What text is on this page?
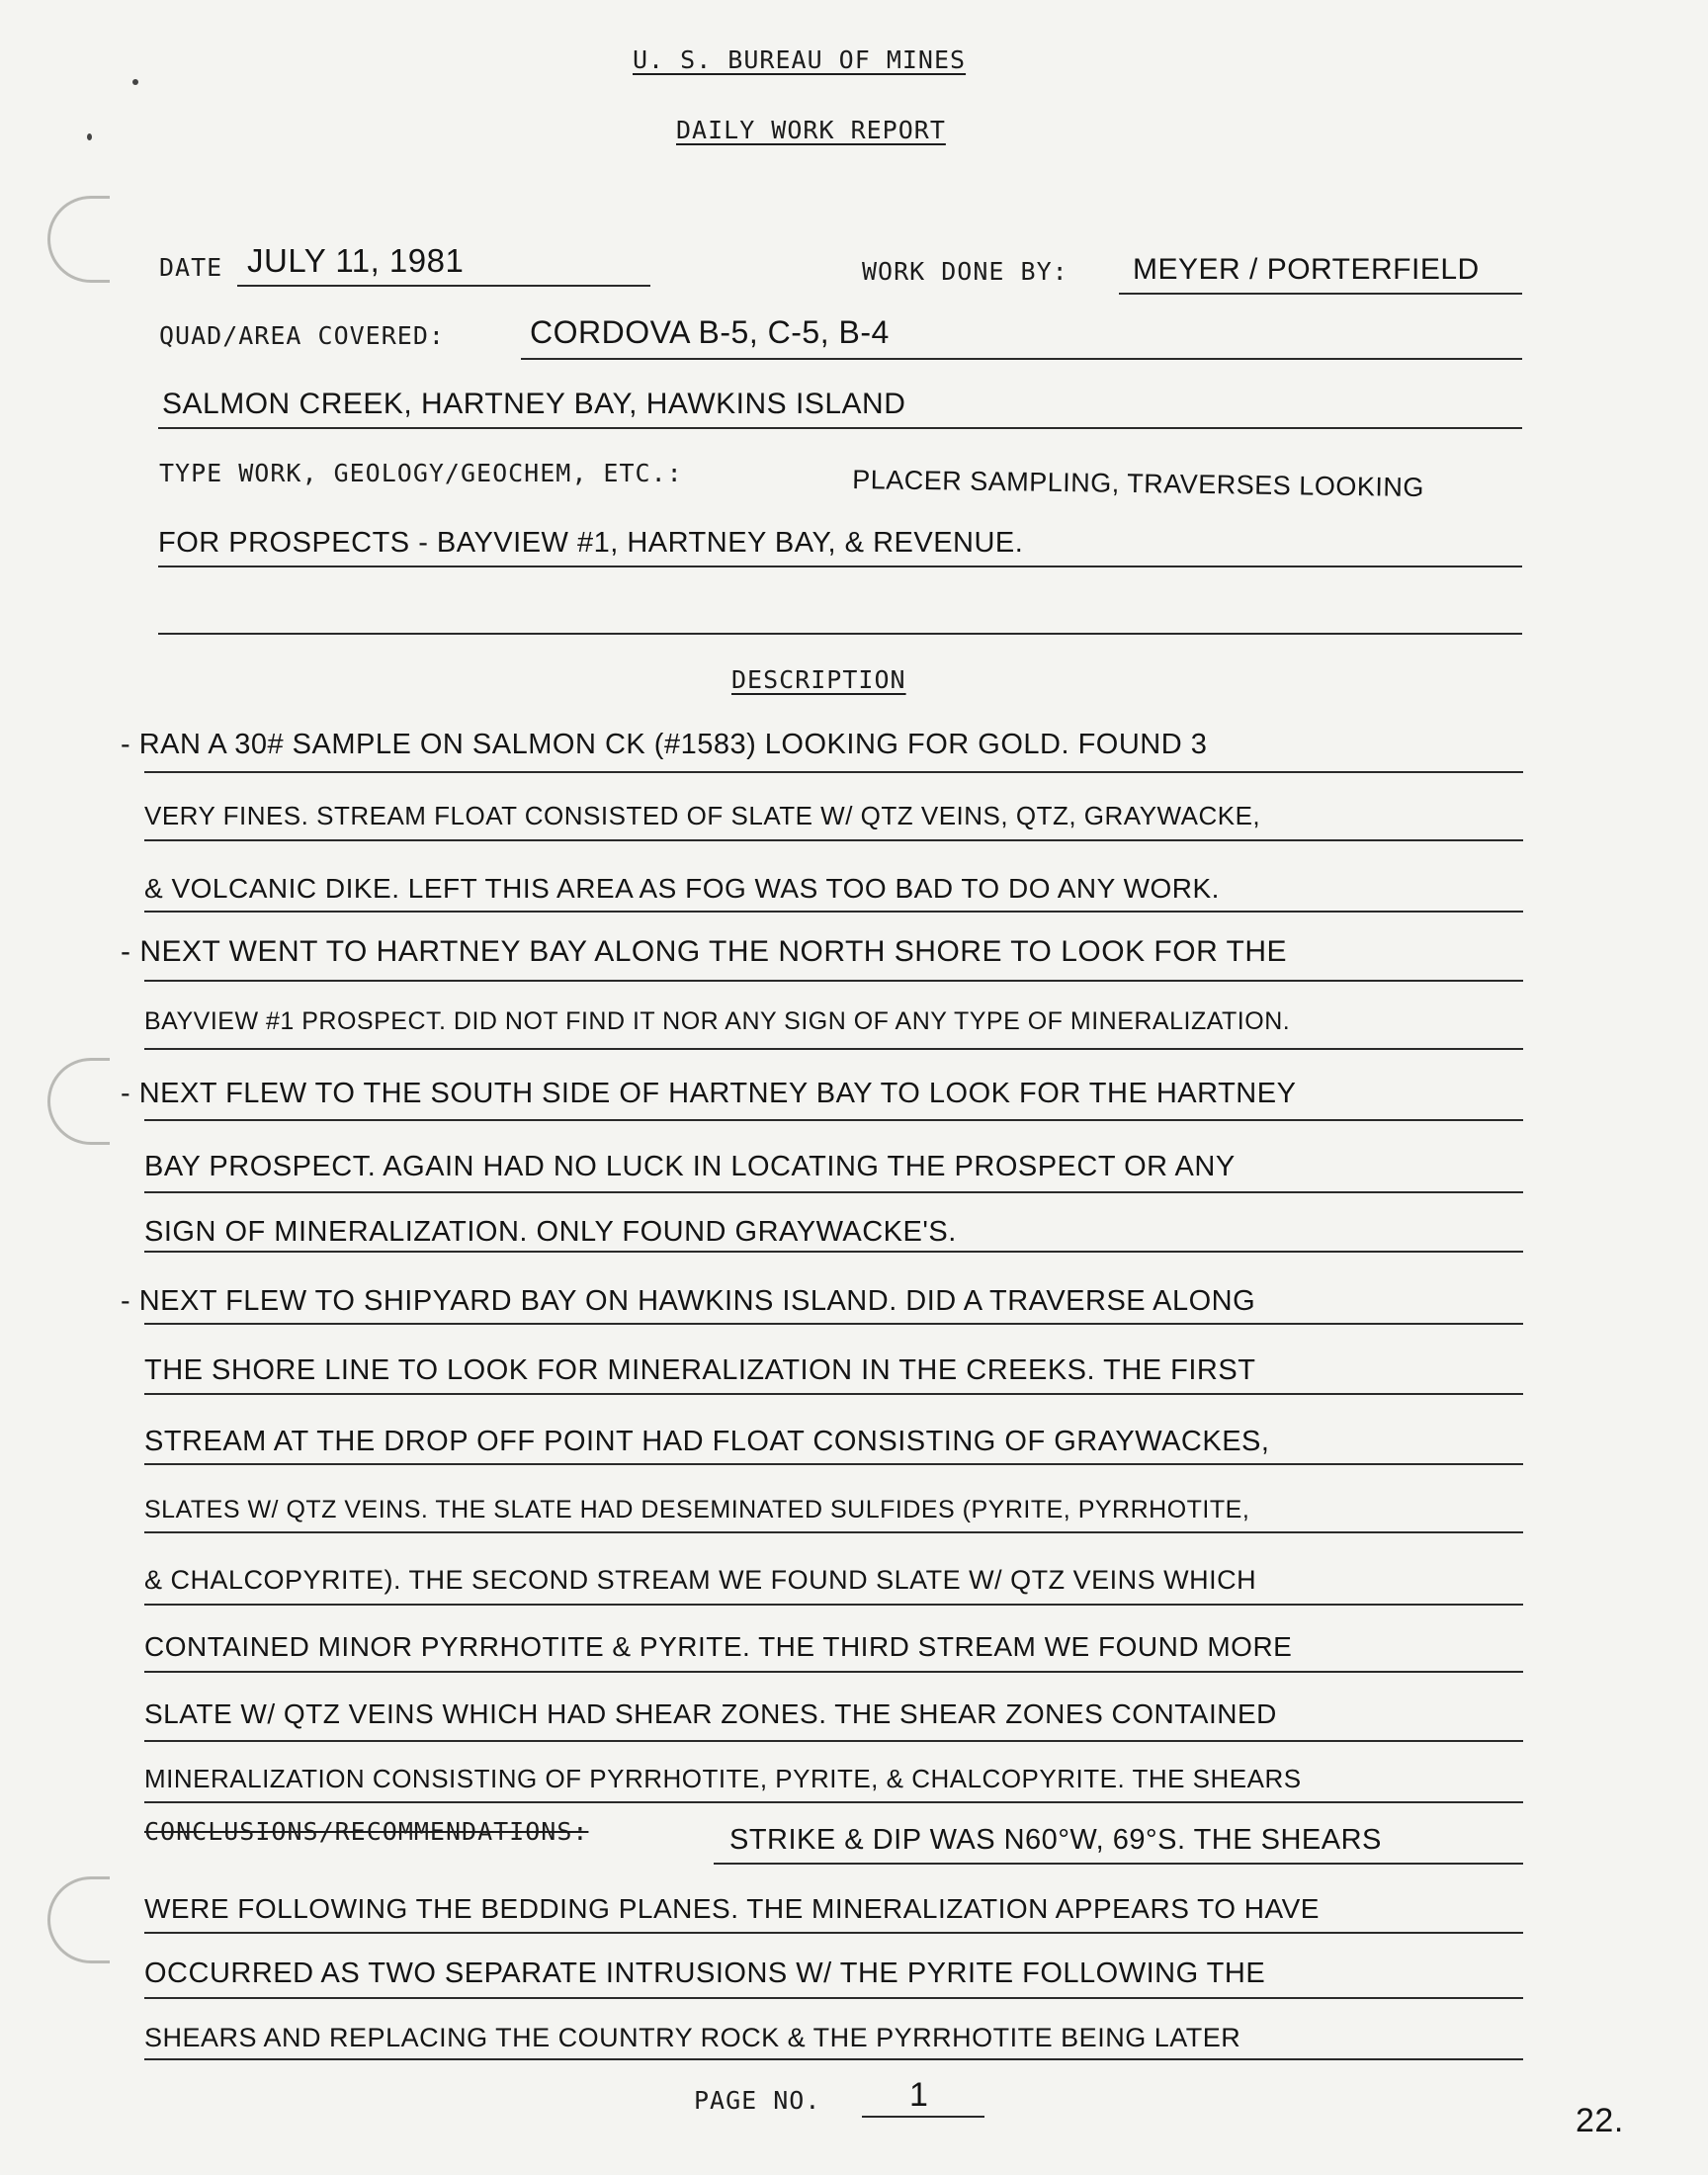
U. S. BUREAU OF MINES
DAILY WORK REPORT
DATE JULY 11, 1981	WORK DONE BY: MEYER / PORTERFIELD
QUAD/AREA COVERED:	CORDOVA B-5, C-5, B-4
SALMON CREEK, HARTNEY BAY, HAWKINS ISLAND
TYPE WORK, GEOLOGY/GEOCHEM, ETC.:	PLACER SAMPLING, TRAVERSES LOOKING
FOR PROSPECTS - BAYVIEW #1, HARTNEY BAY, & REVENUE.
DESCRIPTION
- RAN A 30# SAMPLE ON SALMON CK (#1583) LOOKING FOR GOLD. FOUND 3
VERY FINES. STREAM FLOAT CONSISTED OF SLATE W/ QTZ VEINS, QTZ, GRAYWACKE,
& VOLCANIC DIKE. LEFT THIS AREA AS FOG WAS TOO BAD TO DO ANY WORK.
- NEXT WENT TO HARTNEY BAY ALONG THE NORTH SHORE TO LOOK FOR THE
BAYVIEW #1 PROSPECT. DID NOT FIND IT NOR ANY SIGN OF ANY TYPE OF MINERALIZATION.
- NEXT FLEW TO THE SOUTH SIDE OF HARTNEY BAY TO LOOK FOR THE HARTNEY
BAY PROSPECT. AGAIN HAD NO LUCK IN LOCATING THE PROSPECT OR ANY
SIGN OF MINERALIZATION. ONLY FOUND GRAYWACKE'S.
- NEXT FLEW TO SHIPYARD BAY ON HAWKINS ISLAND. DID A TRAVERSE ALONG
THE SHORE LINE TO LOOK FOR MINERALIZATION IN THE CREEKS. THE FIRST
STREAM AT THE DROP OFF POINT HAD FLOAT CONSISTING OF GRAYWACKES,
SLATES W/ QTZ VEINS. THE SLATE HAD DESEMINATED SULFIDES (PYRITE, PYRRHOTITE,
& CHALCOPYRITE). THE SECOND STREAM WE FOUND SLATE W/ QTZ VEINS WHICH
CONTAINED MINOR PYRRHOTITE & PYRITE. THE THIRD STREAM WE FOUND MORE
SLATE W/ QTZ VEINS WHICH HAD SHEAR ZONES. THE SHEAR ZONES CONTAINED
MINERALIZATION CONSISTING OF PYRRHOTITE, PYRITE, & CHALCOPYRITE. THE SHEARS
CONCLUSIONS/RECOMMENDATIONS:	STRIKE & DIP WAS N60°W, 69°S. THE SHEARS
WERE FOLLOWING THE BEDDING PLANES. THE MINERALIZATION APPEARS TO HAVE
OCCURRED AS TWO SEPARATE INTRUSIONS W/ THE PYRITE FOLLOWING THE
SHEARS AND REPLACING THE COUNTRY ROCK & THE PYRRHOTITE BEING LATER
PAGE NO.	1
22.
